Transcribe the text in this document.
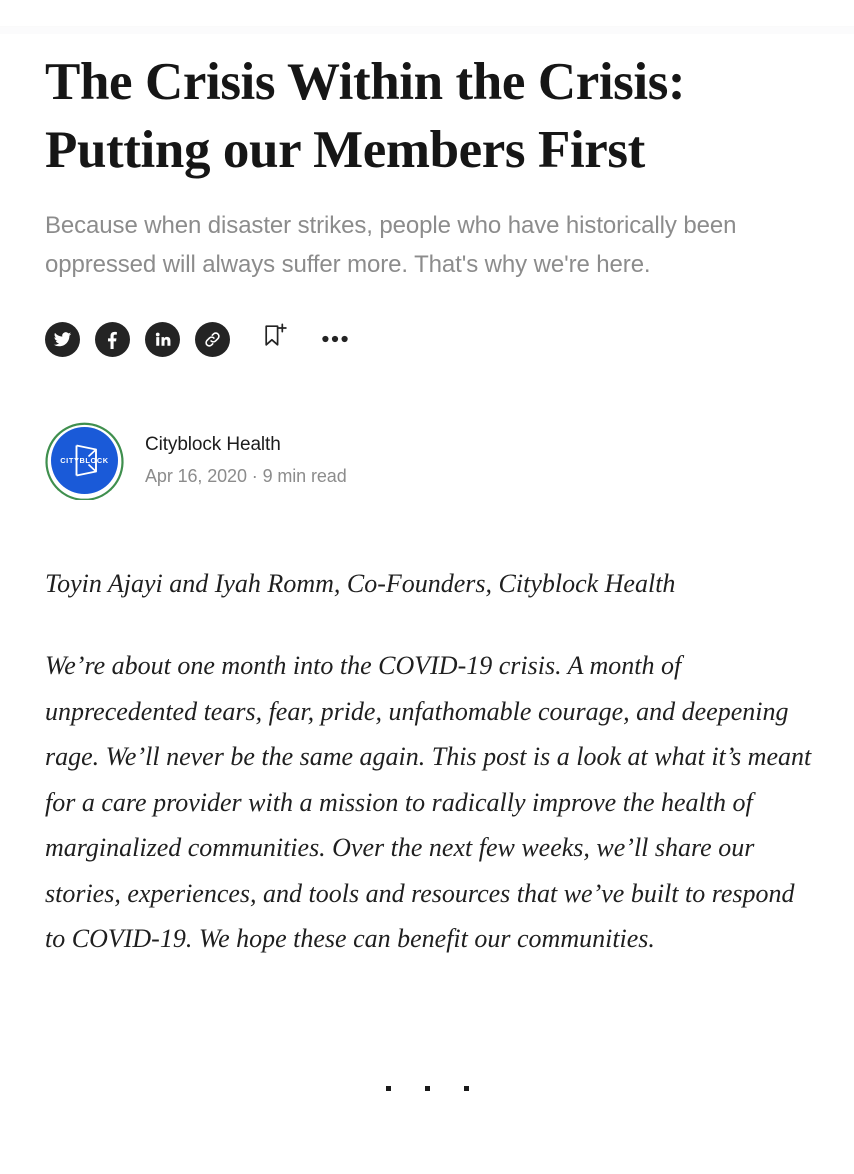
The Crisis Within the Crisis: Putting our Members First

Because when disaster strikes, people who have historically been oppressed will always suffer more. That's why we're here.

CITYBLOCK
Cityblock Health
Apr 16, 2020 · 9 min read

Toyin Ajayi and Iyah Romm, Co-Founders, Cityblock Health

We’re about one month into the COVID-19 crisis. A month of unprecedented tears, fear, pride, unfathomable courage, and deepening rage. We’ll never be the same again. This post is a look at what it’s meant for a care provider with a mission to radically improve the health of marginalized communities. Over the next few weeks, we’ll share our stories, experiences, and tools and resources that we’ve built to respond to COVID-19. We hope these can benefit our communities.
